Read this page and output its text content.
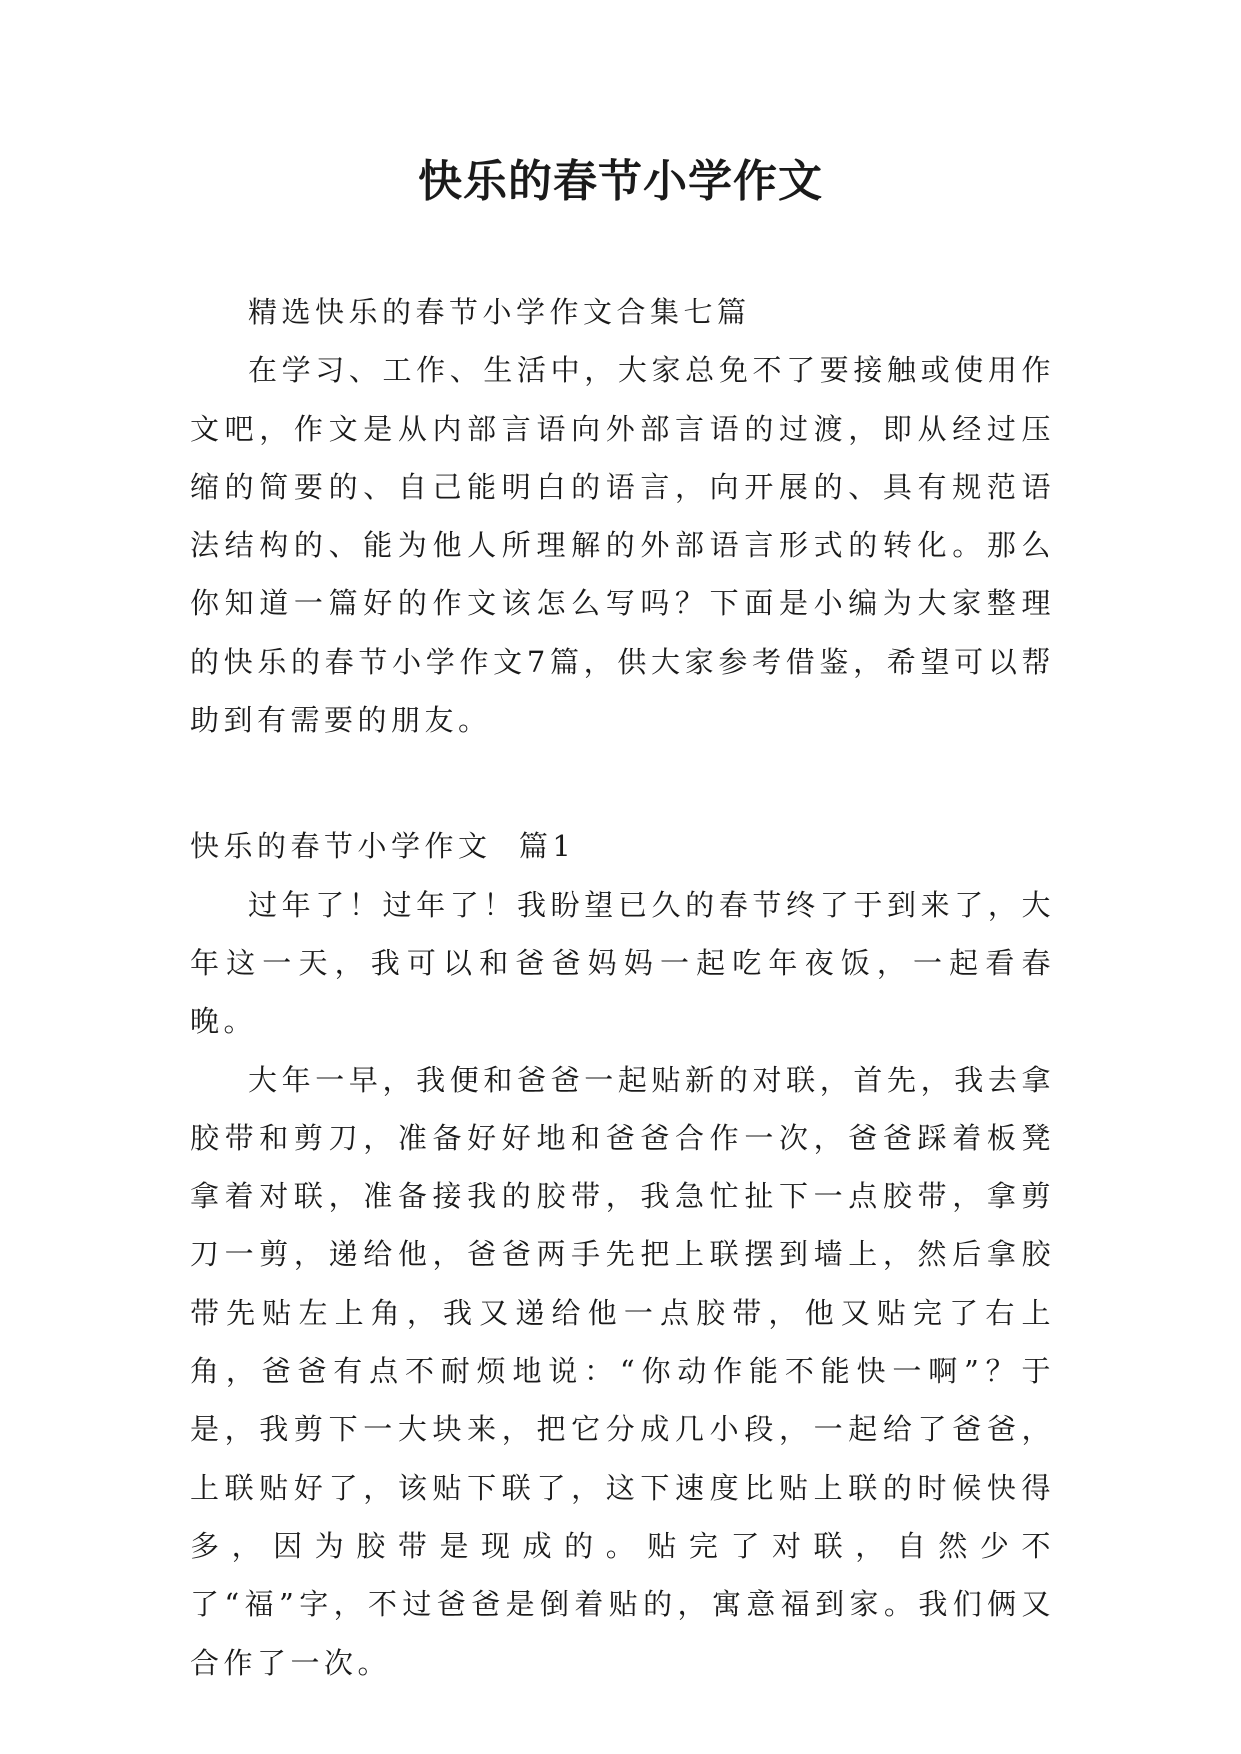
快乐的春节小学作文

精选快乐的春节小学作文合集七篇

在学习、工作、生活中，大家总免不了要接触或使用作文吧，作文是从内部言语向外部言语的过渡，即从经过压缩的简要的、自己能明白的语言，向开展的、具有规范语法结构的、能为他人所理解的外部语言形式的转化。那么你知道一篇好的作文该怎么写吗？下面是小编为大家整理的快乐的春节小学作文7篇，供大家参考借鉴，希望可以帮助到有需要的朋友。

快乐的春节小学作文  篇1

过年了！过年了！我盼望已久的春节终了于到来了，大年这一天，我可以和爸爸妈妈一起吃年夜饭，一起看春晚。

大年一早，我便和爸爸一起贴新的对联，首先，我去拿胶带和剪刀，准备好好地和爸爸合作一次，爸爸踩着板凳拿着对联，准备接我的胶带，我急忙扯下一点胶带，拿剪刀一剪，递给他，爸爸两手先把上联摆到墙上，然后拿胶带先贴左上角，我又递给他一点胶带，他又贴完了右上角，爸爸有点不耐烦地说：“你动作能不能快一啊”？于是，我剪下一大块来，把它分成几小段，一起给了爸爸，上联贴好了，该贴下联了，这下速度比贴上联的时候快得多，因为胶带是现成的。贴完了对联，自然少不了“福”字，不过爸爸是倒着贴的，寓意福到家。我们俩又合作了一次。
